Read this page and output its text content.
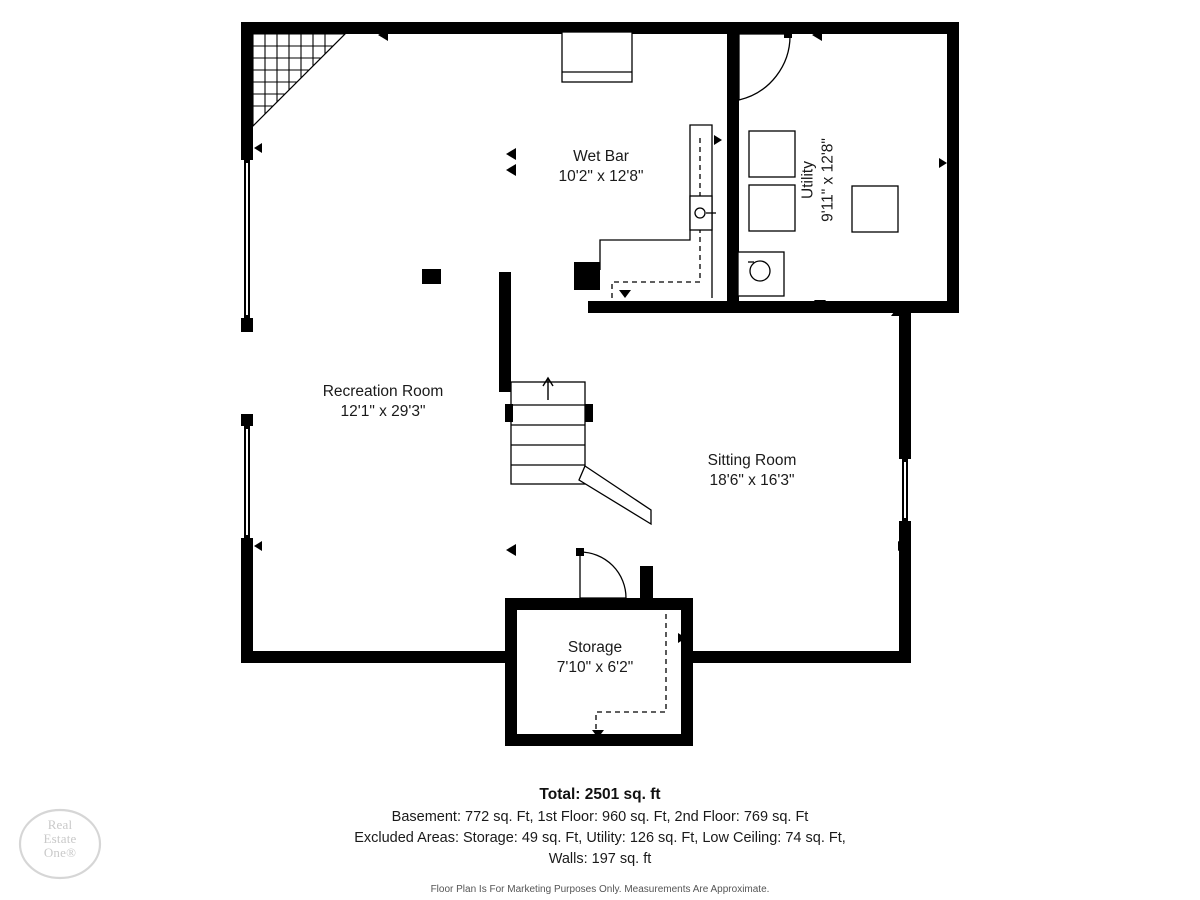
Wet Bar
10'2" x 12'8"	Utility 9'11" x 12'8"
Recreation Room
12'1" x 29'3"
Sitting Room
18'6" x 16'3"
Storage
7'10" x 6'2"
Total: 2501 sq. ft
Basement: 772 sq. Ft, 1st Floor: 960 sq. Ft, 2nd Floor: 769 sq. Ft
Excluded Areas: Storage: 49 sq. Ft, Utility: 126 sq. Ft, Low Ceiling: 74 sq. Ft,
Walls: 197 sq. ft
Floor Plan Is For Marketing Purposes Only. Measurements Are Approximate.
Real
Estate
One®
